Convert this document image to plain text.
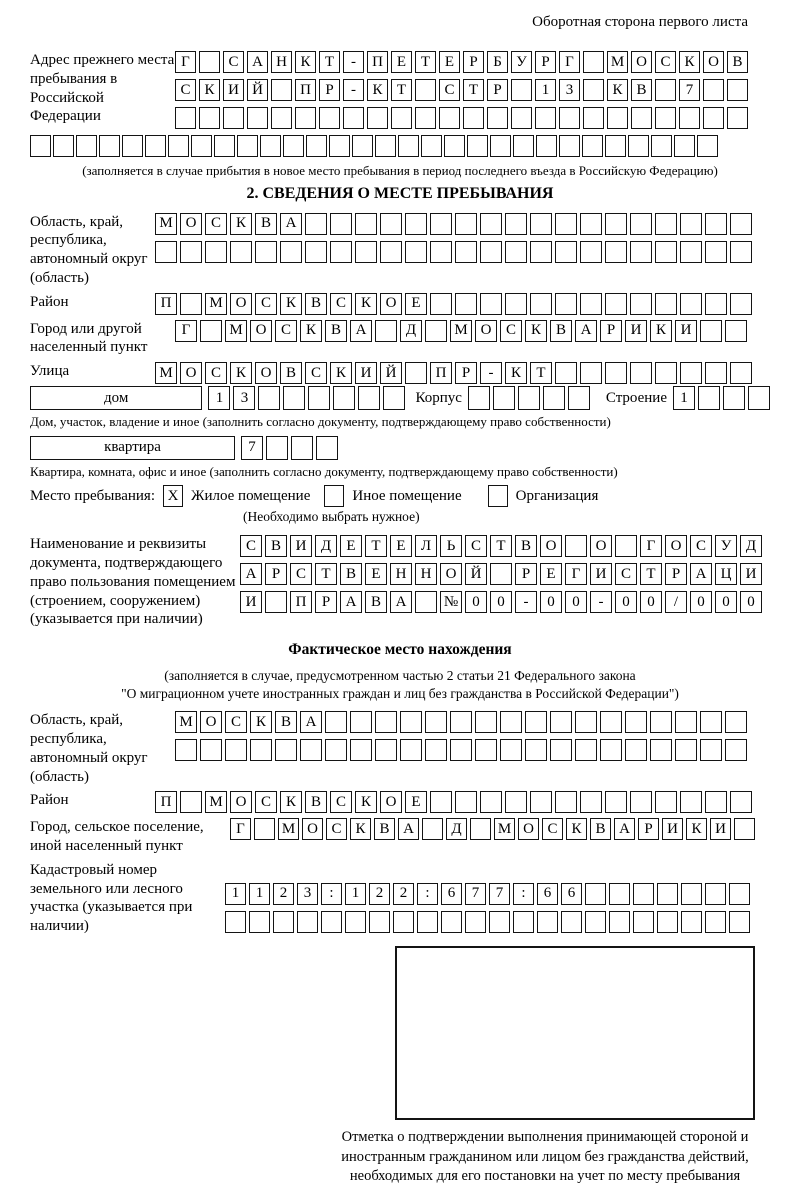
Оборотная сторона первого листа
Адрес прежнего места пребывания в Российской Федерации
Г	С А Н К Т	-	П Е Т Е	Р	Б У Р	Г	М О С К О В
С К И Й	П Р	-	К Т	С Т	Р	1	3	К В	7
(заполняется в случае прибытия в новое место пребывания в период последнего въезда в Российскую Федерацию)
2. СВЕДЕНИЯ О МЕСТЕ ПРЕБЫВАНИЯ
Область, край, республика, автономный округ (область)
М О С К В А
Район	П	М О С К В С К О Е
Город или другой населенный пункт
Г	М О С К В А	Д	М О С К В А	Р	И К И
Улица	М О С К О В С К И Й	П	Р	-	К	Т
дом	1	3	Корпус	Строение 1
Дом, участок, владение и иное (заполнить согласно документу, подтверждающему право собственности)
квартира	7
Квартира, комната, офис и иное (заполнить согласно документу, подтверждающему право собственности)
Место пребывания: X Жилое помещение	Иное помещение	Организация
(Необходимо выбрать нужное)
Наименование и реквизиты документа, подтверждающего право пользования помещением (строением, сооружением) (указывается при наличии)
С В И Д	Е	Т	Е	Л	Ь	С	Т	В О	О	Г	О С У Д
А	Р	С	Т	В	Е	Н Н О Й	Р	Е	Г	И С	Т	Р	А Ц И
И	П	Р	А В А	№ 0	0	-	0	0	-	0	0	/	0	0	0
Фактическое место нахождения
(заполняется в случае, предусмотренном частью 2 статьи 21 Федерального закона
"О миграционном учете иностранных граждан и лиц без гражданства в Российской Федерации")
Область, край, республика, автономный округ (область)
М О С К В А
Район	П	М О С К В С К О Е
Город, сельское поселение, иной населенный пункт
Г	М О С К В А	Д	М О С К В А Р И К И
Кадастровый номер земельного или лесного участка (указывается при наличии)
1	1	2	3	:	1	2	2	:	6	7	7	:	6	6
Отметка о подтверждении выполнения принимающей стороной и иностранным гражданином или лицом без гражданства действий, необходимых для его постановки на учет по месту пребывания
